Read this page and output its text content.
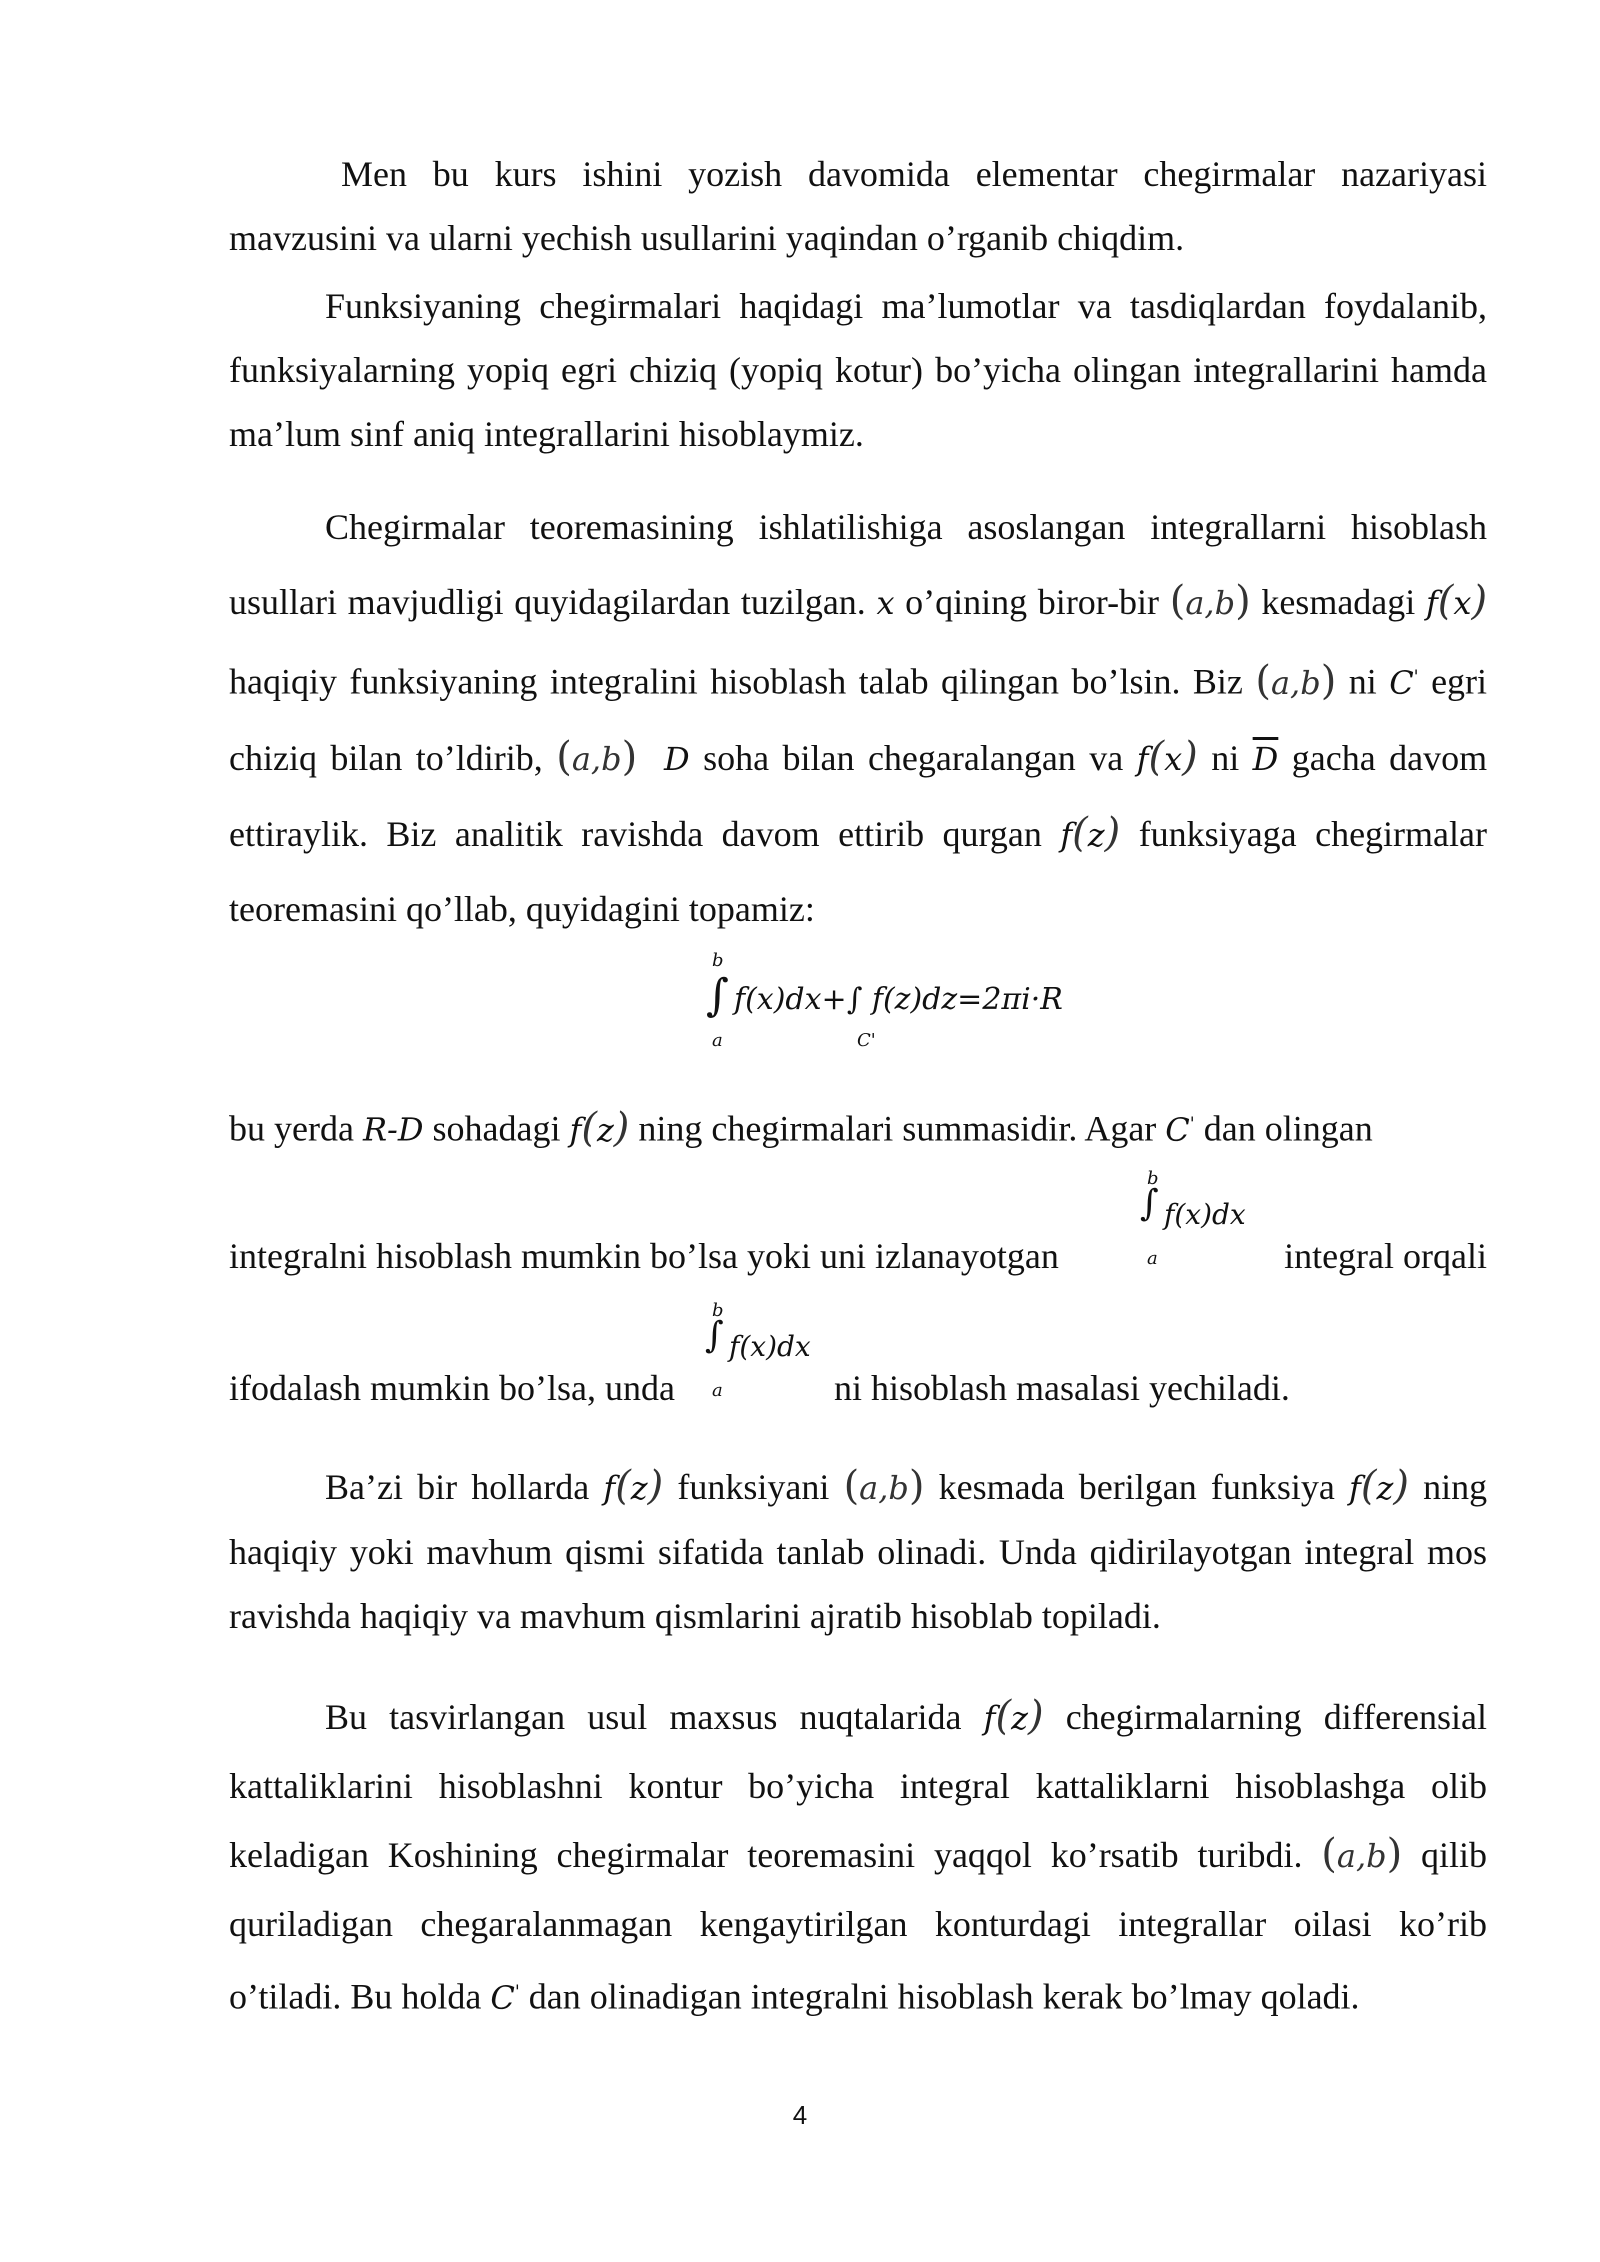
Men bu kurs ishini yozish davomida elementar chegirmalar nazariyasi mavzusini va ularni yechish usullarini yaqindan o’rganib chiqdim.

Funksiyaning chegirmalari haqidagi ma’lumotlar va tasdiqlardan foydalanib, funksiyalarning yopiq egri chiziq (yopiq kotur) bo’yicha olingan integrallarini hamda ma’lum sinf aniq integrallarini hisoblaymiz.

Chegirmalar teoremasining ishlatilishiga asoslangan integrallarni hisoblash usullari mavjudligi quyidagilardan tuzilgan. x o’qining biror-bir (a,b) kesmadagi f(x) haqiqiy funksiyaning integralini hisoblash talab qilingan bo’lsin. Biz (a,b) ni C' egri chiziq bilan to’ldirib, (a,b) D soha bilan chegaralangan va f(x) ni $\overline{D}$ gacha davom ettiraylik. Biz analitik ravishda davom ettirib qurgan f(z) funksiyaga chegirmalar teoremasini qo’llab, quyidagini topamiz:

b
∫
a
f(x)dx+∫ f(z)dz=2πi·R
C'

bu yerda R-D sohadagi f(z) ning chegirmalari summasidir. Agar C' dan olingan

integralni hisoblash mumkin bo’lsa yoki uni izlanayotgan
b
∫
a
f(x)dx
integral orqali
ifodalash mumkin bo’lsa, unda
b
∫
a
f(x)dx
ni hisoblash masalasi yechiladi.

Ba’zi bir hollarda f(z) funksiyani (a,b) kesmada berilgan funksiya f(z) ning haqiqiy yoki mavhum qismi sifatida tanlab olinadi. Unda qidirilayotgan integral mos ravishda haqiqiy va mavhum qismlarini ajratib hisoblab topiladi.

Bu tasvirlangan usul maxsus nuqtalarida f(z) chegirmalarning differensial kattaliklarini hisoblashni kontur bo’yicha integral kattaliklarni hisoblashga olib keladigan Koshining chegirmalar teoremasini yaqqol ko’rsatib turibdi. (a,b) qilib quriladigan chegaralanmagan kengaytirilgan konturdagi integrallar oilasi ko’rib o’tiladi. Bu holda C' dan olinadigan integralni hisoblash kerak bo’lmay qoladi.

4
